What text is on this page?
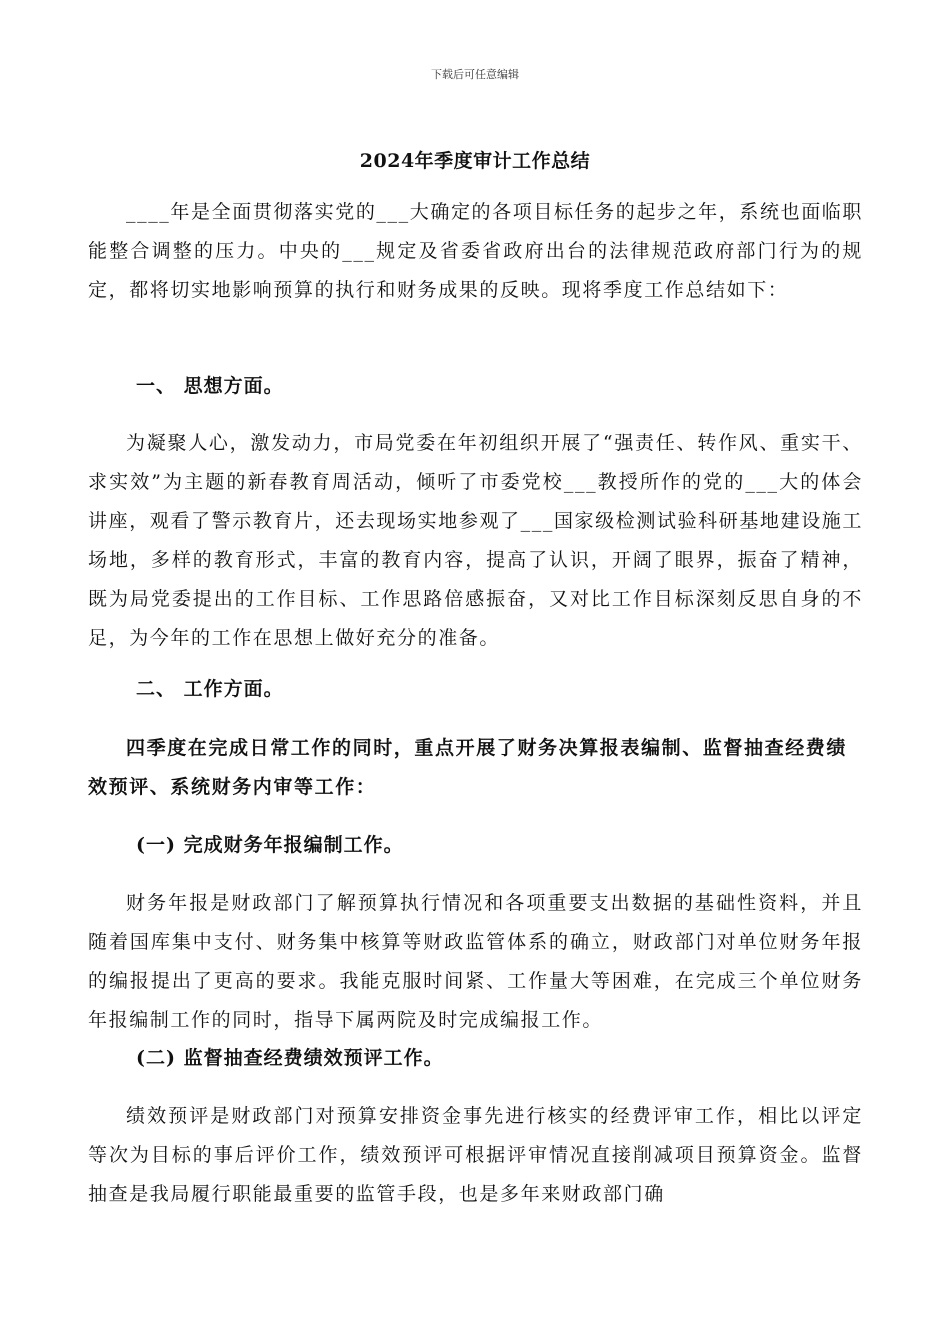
下载后可任意编辑
2024年季度审计工作总结

____年是全面贯彻落实党的___大确定的各项目标任务的起步之年，系统也面临职能整合调整的压力。中央的___规定及省委省政府出台的法律规范政府部门行为的规定，都将切实地影响预算的执行和财务成果的反映。现将季度工作总结如下：

一、 思想方面。

为凝聚人心，激发动力，市局党委在年初组织开展了“强责任、转作风、重实干、求实效”为主题的新春教育周活动，倾听了市委党校___教授所作的党的___大的体会讲座，观看了警示教育片，还去现场实地参观了___国家级检测试验科研基地建设施工场地，多样的教育形式，丰富的教育内容，提高了认识，开阔了眼界，振奋了精神，既为局党委提出的工作目标、工作思路倍感振奋，又对比工作目标深刻反思自身的不足，为今年的工作在思想上做好充分的准备。

二、 工作方面。

四季度在完成日常工作的同时，重点开展了财务决算报表编制、监督抽查经费绩效预评、系统财务内审等工作：

(一) 完成财务年报编制工作。

财务年报是财政部门了解预算执行情况和各项重要支出数据的基础性资料，并且随着国库集中支付、财务集中核算等财政监管体系的确立，财政部门对单位财务年报的编报提出了更高的要求。我能克服时间紧、工作量大等困难，在完成三个单位财务年报编制工作的同时，指导下属两院及时完成编报工作。

(二) 监督抽查经费绩效预评工作。

绩效预评是财政部门对预算安排资金事先进行核实的经费评审工作，相比以评定等次为目标的事后评价工作，绩效预评可根据评审情况直接削减项目预算资金。监督抽查是我局履行职能最重要的监管手段，也是多年来财政部门确
